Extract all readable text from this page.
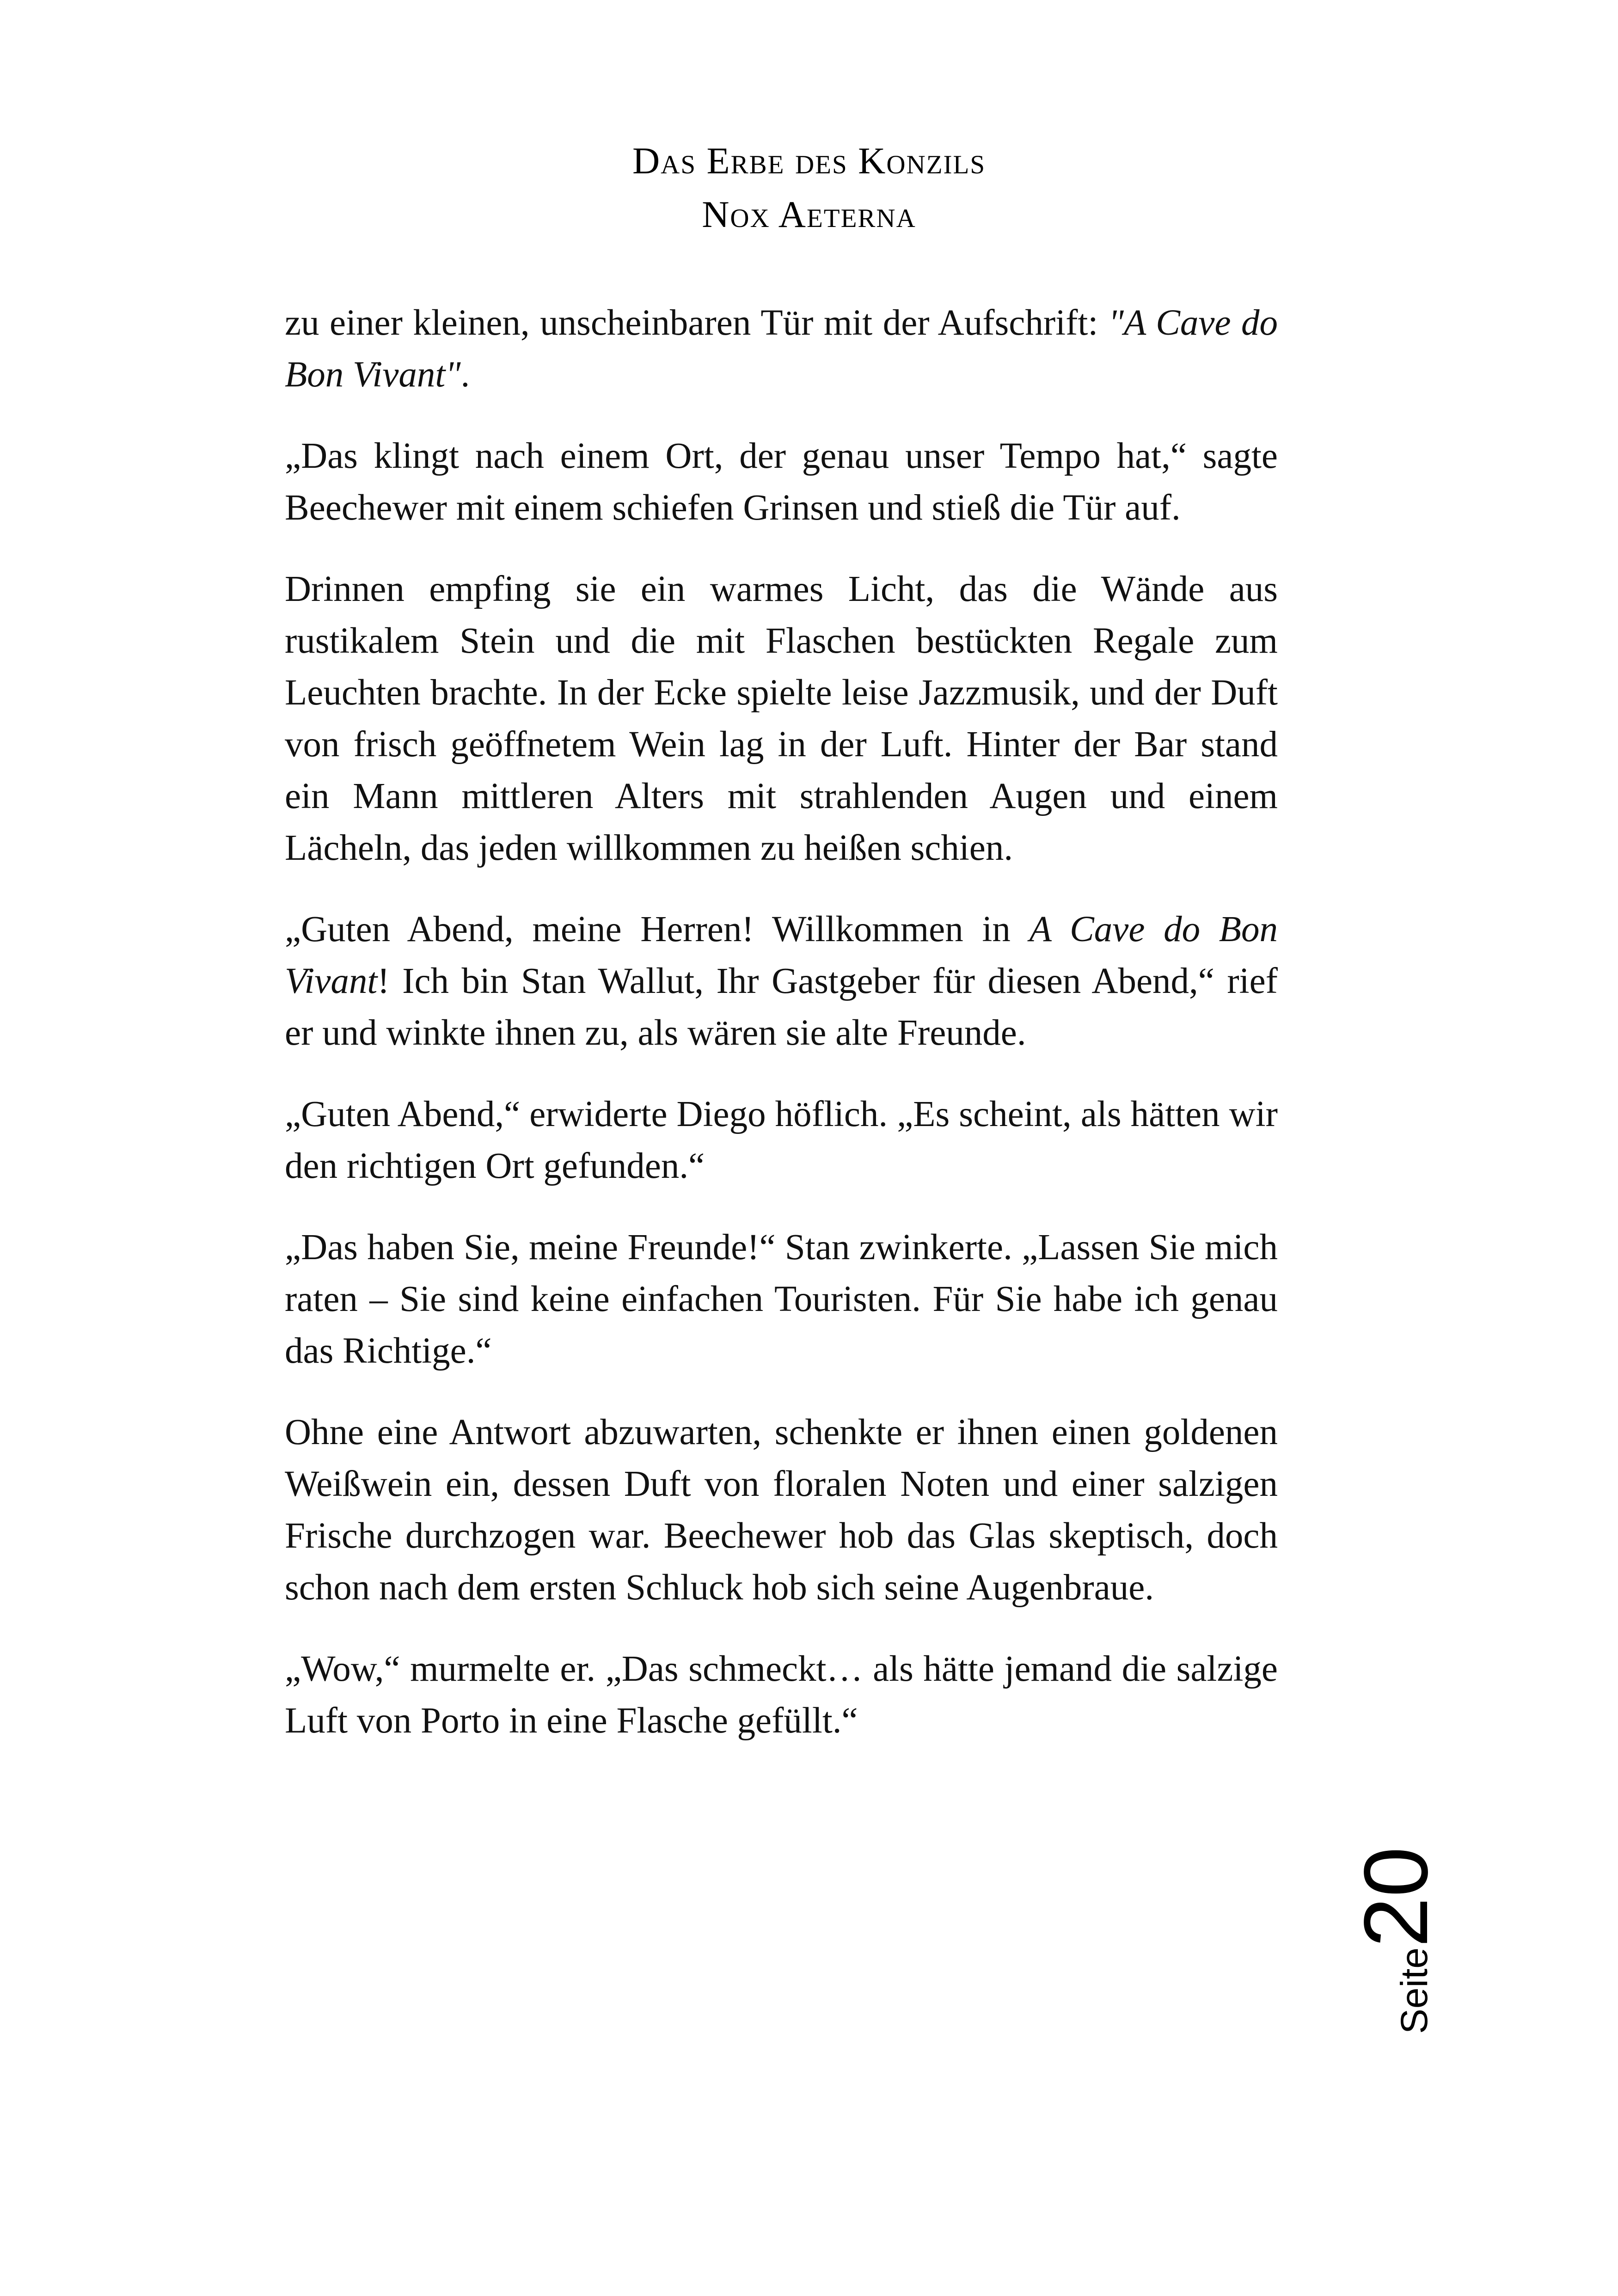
Das Erbe des Konzils
Nox Aeterna

zu einer kleinen, unscheinbaren Tür mit der Aufschrift: "A Cave do Bon Vivant".

„Das klingt nach einem Ort, der genau unser Tempo hat,“ sagte Beechewer mit einem schiefen Grinsen und stieß die Tür auf.

Drinnen empfing sie ein warmes Licht, das die Wände aus rustikalem Stein und die mit Flaschen bestückten Regale zum Leuchten brachte. In der Ecke spielte leise Jazzmusik, und der Duft von frisch geöffnetem Wein lag in der Luft. Hinter der Bar stand ein Mann mittleren Alters mit strahlenden Augen und einem Lächeln, das jeden willkommen zu heißen schien.

„Guten Abend, meine Herren! Willkommen in A Cave do Bon Vivant! Ich bin Stan Wallut, Ihr Gastgeber für diesen Abend,“ rief er und winkte ihnen zu, als wären sie alte Freunde.

„Guten Abend,“ erwiderte Diego höflich. „Es scheint, als hätten wir den richtigen Ort gefunden.“

„Das haben Sie, meine Freunde!“ Stan zwinkerte. „Lassen Sie mich raten – Sie sind keine einfachen Touristen. Für Sie habe ich genau das Richtige.“

Ohne eine Antwort abzuwarten, schenkte er ihnen einen goldenen Weißwein ein, dessen Duft von floralen Noten und einer salzigen Frische durchzogen war. Beechewer hob das Glas skeptisch, doch schon nach dem ersten Schluck hob sich seine Augenbraue.

„Wow,“ murmelte er. „Das schmeckt… als hätte jemand die salzige Luft von Porto in eine Flasche gefüllt.“

Seite20
